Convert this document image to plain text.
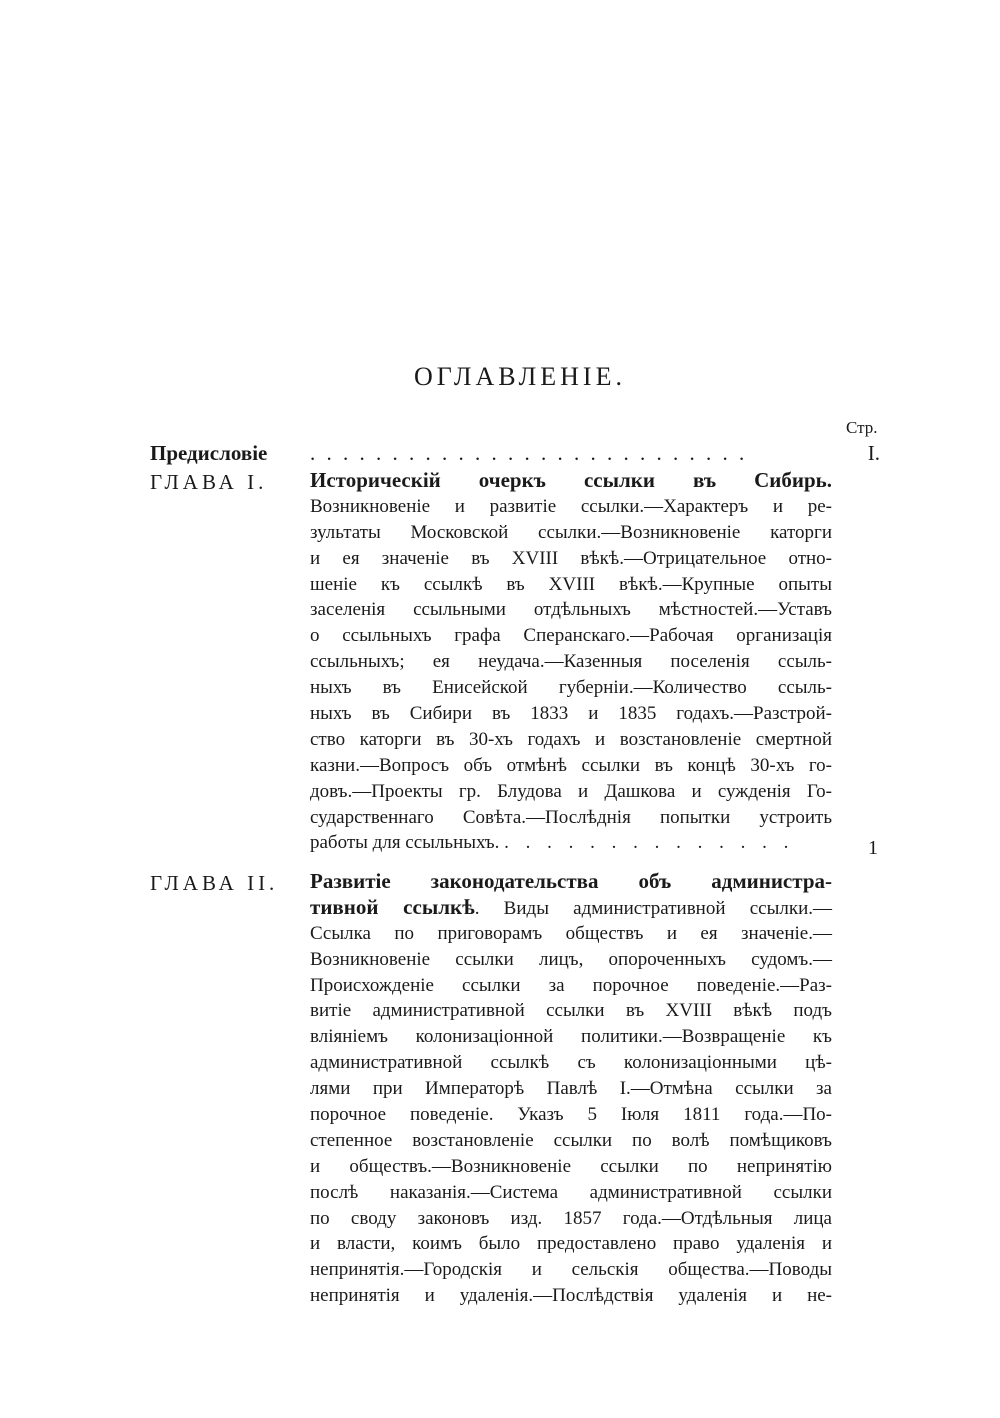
ОГЛАВЛЕНІЕ.
Стр.
Предисловіе . . . . . . . . . . . . . . . . . . . . . . . . . . .	I.
ГЛАВА I. Историческій очеркъ ссылки въ Сибирь.
Возникновеніе и развитіе ссылки.—Характеръ и ре-
зультаты Московской ссылки.—Возникновеніе каторги
и ея значеніе въ XVIII вѣкѣ.—Отрицательное отно-
шеніе къ ссылкѣ въ XVIII вѣкѣ.—Крупные опыты
заселенія ссыльными отдѣльныхъ мѣстностей.—Уставъ
о ссыльныхъ графа Сперанскаго.—Рабочая организація
ссыльныхъ; ея неудача.—Казенныя поселенія ссыль-
ныхъ въ Енисейской губерніи.—Количество ссыль-
ныхъ въ Сибири въ 1833 и 1835 годахъ.—Разстрой-
ство каторги въ 30-хъ годахъ и возстановленіе смертной
казни.—Вопросъ объ отмѣнѣ ссылки въ концѣ 30-хъ го-
довъ.—Проекты гр. Блудова и Дашкова и сужденія Го-
сударственнаго Совѣта.—Послѣднія попытки устроить
работы для ссыльныхъ. . . . . . . . . . . . . . .	1
ГЛАВА II. Развитіе законодательства объ администра-
тивной ссылкѣ. Виды административной ссылки.—
Ссылка по приговорамъ обществъ и ея значеніе.—
Возникновеніе ссылки лицъ, опороченныхъ судомъ.—
Происхожденіе ссылки за порочное поведеніе.—Раз-
витіе административной ссылки въ XVIII вѣкѣ подъ
вліяніемъ колонизаціонной политики.—Возвращеніе къ
административной ссылкѣ съ колонизаціонными цѣ-
лями при Императорѣ Павлѣ I.—Отмѣна ссылки за
порочное поведеніе. Указъ 5 Іюля 1811 года.—По-
степенное возстановленіе ссылки по волѣ помѣщиковъ
и обществъ.—Возникновеніе ссылки по непринятію
послѣ наказанія.—Система административной ссылки
по своду законовъ изд. 1857 года.—Отдѣльныя лица
и власти, коимъ было предоставлено право удаленія и
непринятія.—Городскія и сельскія общества.—Поводы
непринятія и удаленія.—Послѣдствія удаленія и не-
